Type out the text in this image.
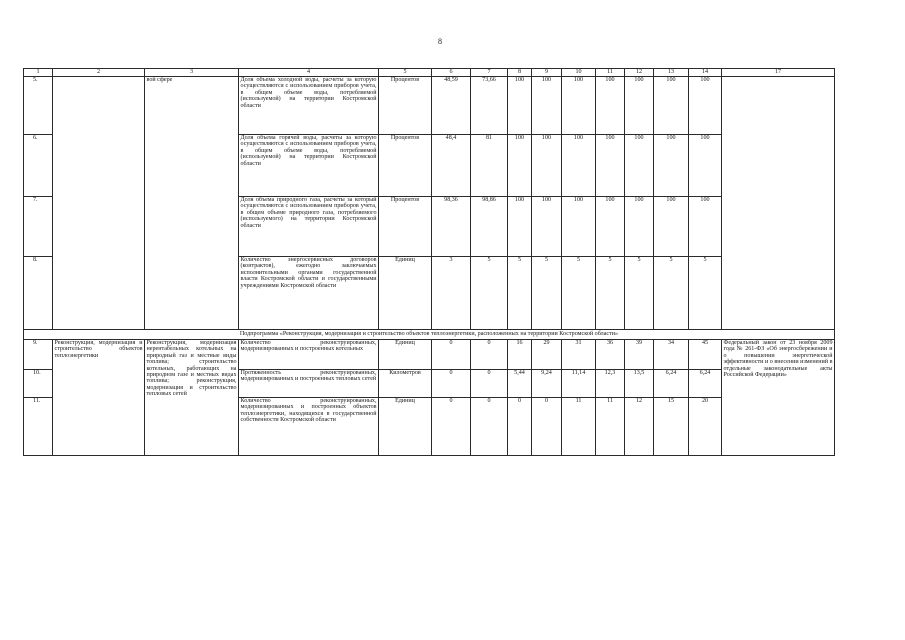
8
1	2	3	4	5	6	7	8	9	10	11	12	13	14	17
5.		вой сфере	Доля объема холодной воды, расчеты за которую осуществляются с использованием приборов учета, в общем объеме воды, потребляемой (используемой) на территории Костромской области	Процентов	48,59	73,66	100	100	100	100	100	100	100	
6.			Доля объема горячей воды, расчеты за которую осуществляются с использованием приборов учета, в общем объеме воды, потребляемой (используемой) на территории Костромской области	Процентов	48,4	81	100	100	100	100	100	100	100	
7.			Доля объема природного газа, расчеты за который осуществляются с использованием приборов учета, в общем объеме природного газа, потребляемого (используемого) на территории Костромской области	Процентов	98,36	98,86	100	100	100	100	100	100	100	
8.			Количество энергосервисных договоров (контрактов), ежегодно заключаемых исполнительными органами государственной власти Костромской области и государственными учреждениями Костромской области	Единиц	3	5	5	5	5	5	5	5	5	
Подпрограмма «Реконструкция, модернизация и строительство объектов теплоэнергетики, расположенных на территории Костромской области»														
9.	Реконструкция, модернизация и строительство объектов теплоэнергетики	Реконструкция, модернизация нерентабельных котельных на природный газ и местные виды топлива; строительство котельных, работающих на природном газе и местных видах топлива; реконструкция, модернизация и строительство тепловых сетей	Количество реконструированных, модернизированных и построенных котельных	Единиц	0	0	16	29	31	36	39	34	45	Федеральный закон от 23 ноября 2009 года № 261-ФЗ «Об энергосбережении и о повышении энергетической эффективности и о внесении изменений в отдельные законодательные акты Российской Федерации»
10.			Протяженность реконструированных, модернизированных и построенных тепловых сетей	Километров	0	0	5,44	9,24	11,14	12,3	13,5	6,24	6,24	
11.			Количество реконструированных, модернизированных и построенных объектов теплоэнергетики, находящихся в государственной собственности Костромской области	Единиц	0	0	0	0	11	11	12	15	20	
